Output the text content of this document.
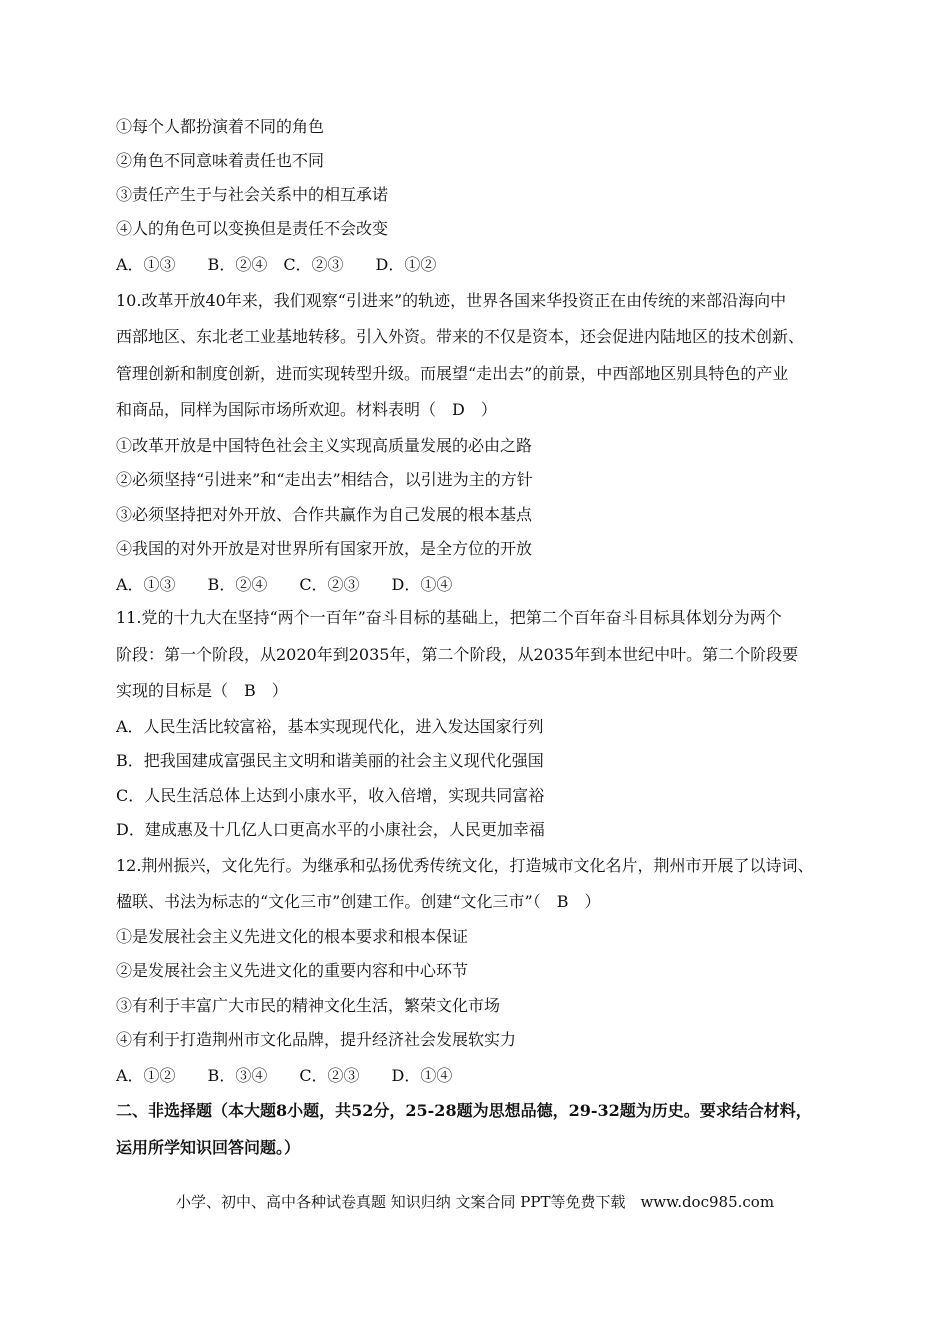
①每个人都扮演着不同的角色
②角色不同意味着责任也不同
③责任产生于与社会关系中的相互承诺
④人的角色可以变换但是责任不会改变
A．①③　　B．②④　C．②③　　D．①②
10.改革开放40年来，我们观察“引进来”的轨迹，世界各国来华投资正在由传统的来部沿海向中
西部地区、东北老工业基地转移。引入外资。带来的不仅是资本，还会促进内陆地区的技术创新、
管理创新和制度创新，进而实现转型升级。而展望“走出去”的前景，中西部地区别具特色的产业
和商品，同样为国际市场所欢迎。材料表明（　D　）
①改革开放是中国特色社会主义实现高质量发展的必由之路
②必须坚持“引进来”和“走出去”相结合，以引进为主的方针
③必须坚持把对外开放、合作共赢作为自己发展的根本基点
④我国的对外开放是对世界所有国家开放，是全方位的开放
A．①③　　B．②④　　C．②③　　D．①④
11.党的十九大在坚持“两个一百年”奋斗目标的基础上，把第二个百年奋斗目标具体划分为两个
阶段：第一个阶段，从2020年到2035年，第二个阶段，从2035年到本世纪中叶。第二个阶段要
实现的目标是（　B　）
A．人民生活比较富裕，基本实现现代化，进入发达国家行列
B．把我国建成富强民主文明和谐美丽的社会主义现代化强国
C．人民生活总体上达到小康水平，收入倍增，实现共同富裕
D．建成惠及十几亿人口更高水平的小康社会，人民更加幸福
12.荆州振兴，文化先行。为继承和弘扬优秀传统文化，打造城市文化名片，荆州市开展了以诗词、
楹联、书法为标志的“文化三市”创建工作。创建“文化三市”（　B　）
①是发展社会主义先进文化的根本要求和根本保证
②是发展社会主义先进文化的重要内容和中心环节
③有利于丰富广大市民的精神文化生活，繁荣文化市场
④有利于打造荆州市文化品牌，提升经济社会发展软实力
A．①②　　B．③④　　C．②③　　D．①④
二、非选择题（本大题8小题，共52分，25-28题为思想品德，29-32题为历史。要求结合材料，
运用所学知识回答问题。）
小学、初中、高中各种试卷真题 知识归纳 文案合同 PPT等免费下载　www.doc985.com
